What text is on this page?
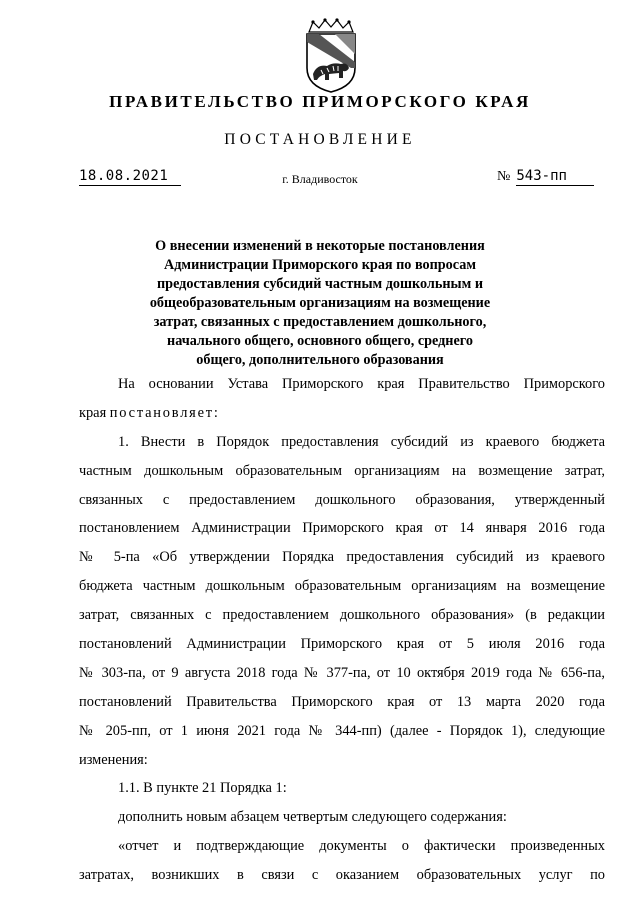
ПРАВИТЕЛЬСТВО ПРИМОРСКОГО КРАЯ
ПОСТАНОВЛЕНИЕ
18.08.2021	г. Владивосток	№ 543-пп
О внесении изменений в некоторые постановления
Администрации Приморского края по вопросам
предоставления субсидий частным дошкольным и
общеобразовательным организациям на возмещение
затрат, связанных с предоставлением дошкольного,
начального общего, основного общего, среднего
общего, дополнительного образования
На основании Устава Приморского края Правительство Приморского
края постановляет:
1. Внести в Порядок предоставления субсидий из краевого бюджета
частным дошкольным образовательным организациям на возмещение затрат,
связанных с предоставлением дошкольного образования, утвержденный
постановлением Администрации Приморского края от 14 января 2016 года
№ 5-па «Об утверждении Порядка предоставления субсидий из краевого
бюджета частным дошкольным образовательным организациям на возмещение
затрат, связанных с предоставлением дошкольного образования» (в редакции
постановлений Администрации Приморского края от 5 июля 2016 года
№ 303-па, от 9 августа 2018 года № 377-па, от 10 октября 2019 года № 656-па,
постановлений Правительства Приморского края от 13 марта 2020 года
№ 205-пп, от 1 июня 2021 года № 344-пп) (далее - Порядок 1), следующие
изменения:
1.1. В пункте 21 Порядка 1:
дополнить новым абзацем четвертым следующего содержания:
«отчет и подтверждающие документы о фактически произведенных
затратах, возникших в связи с оказанием образовательных услуг по
